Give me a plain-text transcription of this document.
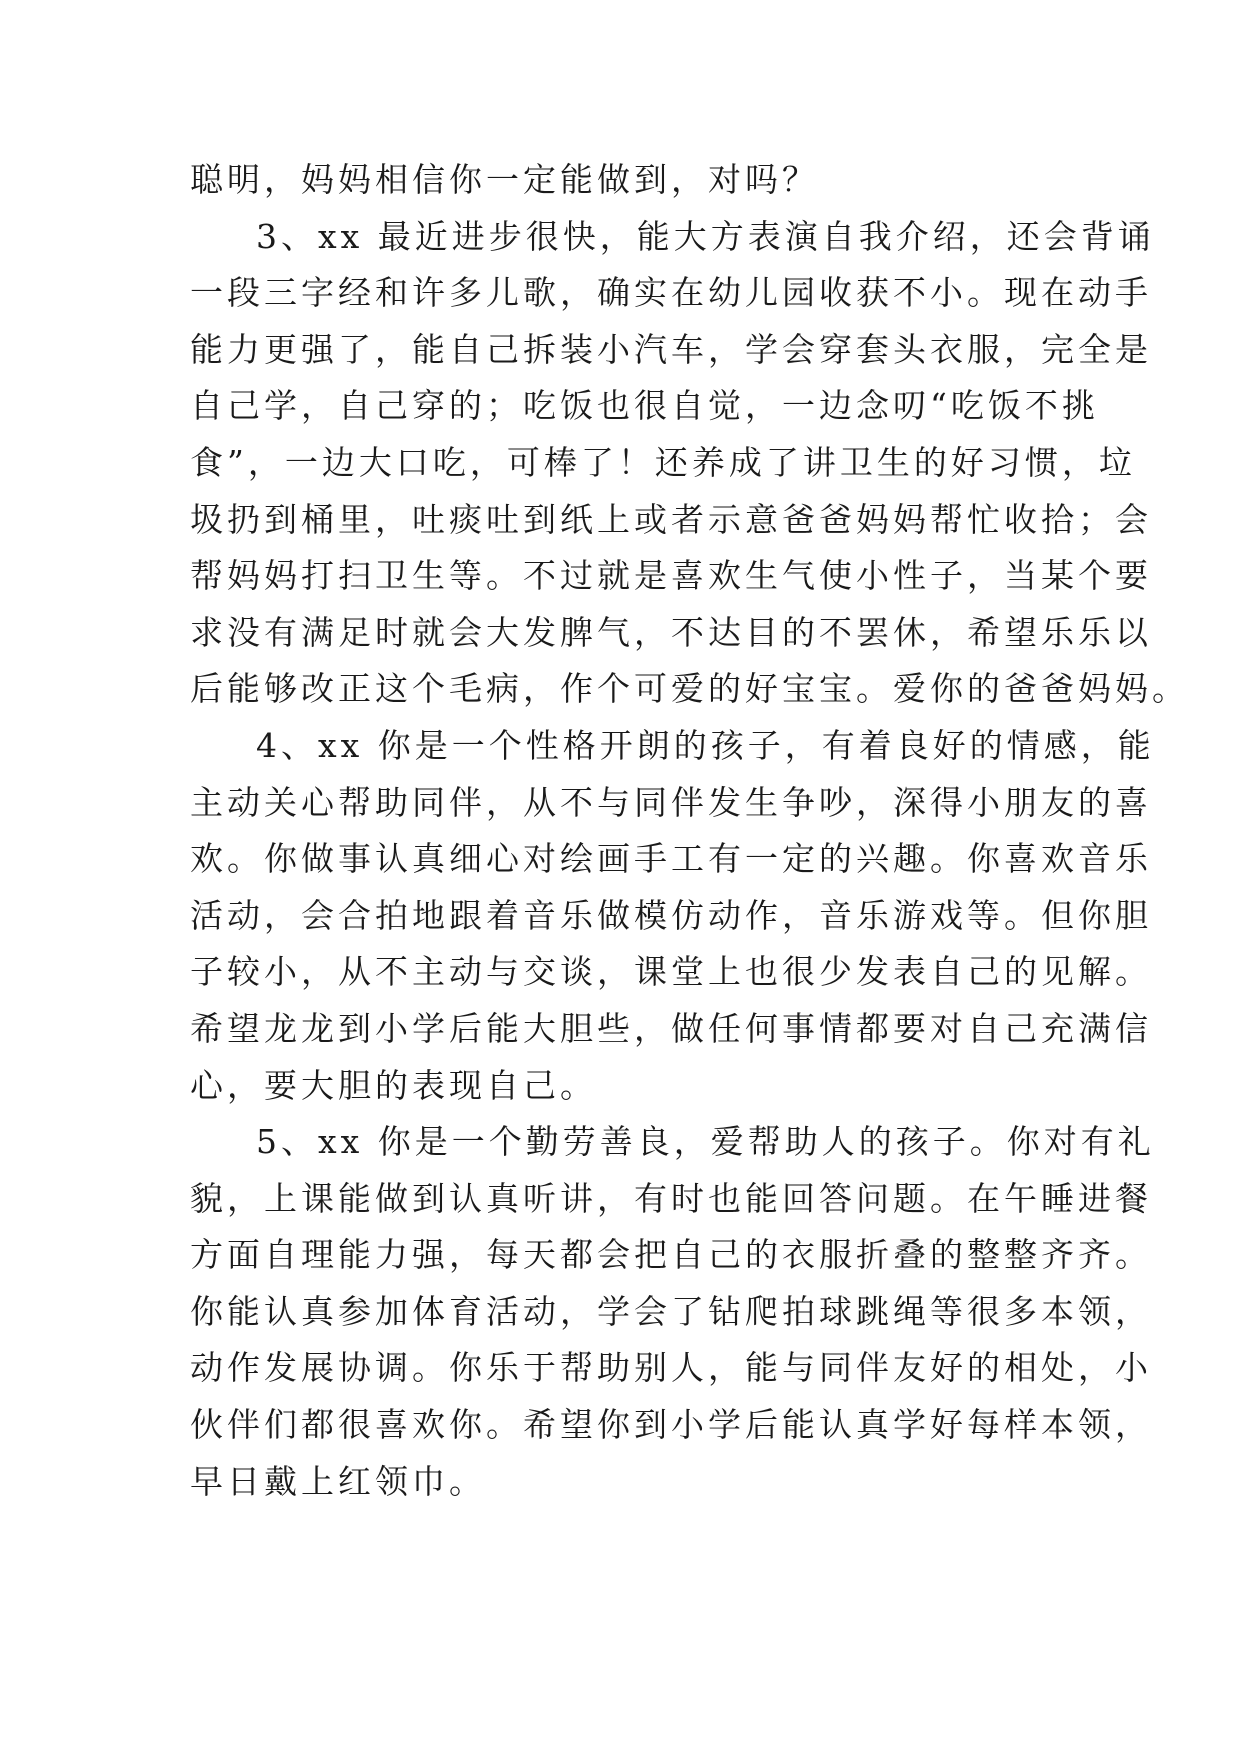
聪明，妈妈相信你一定能做到，对吗？
3、xx 最近进步很快，能大方表演自我介绍，还会背诵
一段三字经和许多儿歌，确实在幼儿园收获不小。现在动手
能力更强了，能自己拆装小汽车，学会穿套头衣服，完全是
自己学，自己穿的；吃饭也很自觉，一边念叨“吃饭不挑
食”，一边大口吃，可棒了！还养成了讲卫生的好习惯，垃
圾扔到桶里，吐痰吐到纸上或者示意爸爸妈妈帮忙收拾；会
帮妈妈打扫卫生等。不过就是喜欢生气使小性子，当某个要
求没有满足时就会大发脾气，不达目的不罢休，希望乐乐以
后能够改正这个毛病，作个可爱的好宝宝。爱你的爸爸妈妈。
4、xx 你是一个性格开朗的孩子，有着良好的情感，能
主动关心帮助同伴，从不与同伴发生争吵，深得小朋友的喜
欢。你做事认真细心对绘画手工有一定的兴趣。你喜欢音乐
活动，会合拍地跟着音乐做模仿动作，音乐游戏等。但你胆
子较小，从不主动与交谈，课堂上也很少发表自己的见解。
希望龙龙到小学后能大胆些，做任何事情都要对自己充满信
心，要大胆的表现自己。
5、xx 你是一个勤劳善良，爱帮助人的孩子。你对有礼
貌，上课能做到认真听讲，有时也能回答问题。在午睡进餐
方面自理能力强，每天都会把自己的衣服折叠的整整齐齐。
你能认真参加体育活动，学会了钻爬拍球跳绳等很多本领，
动作发展协调。你乐于帮助别人，能与同伴友好的相处，小
伙伴们都很喜欢你。希望你到小学后能认真学好每样本领，
早日戴上红领巾。
